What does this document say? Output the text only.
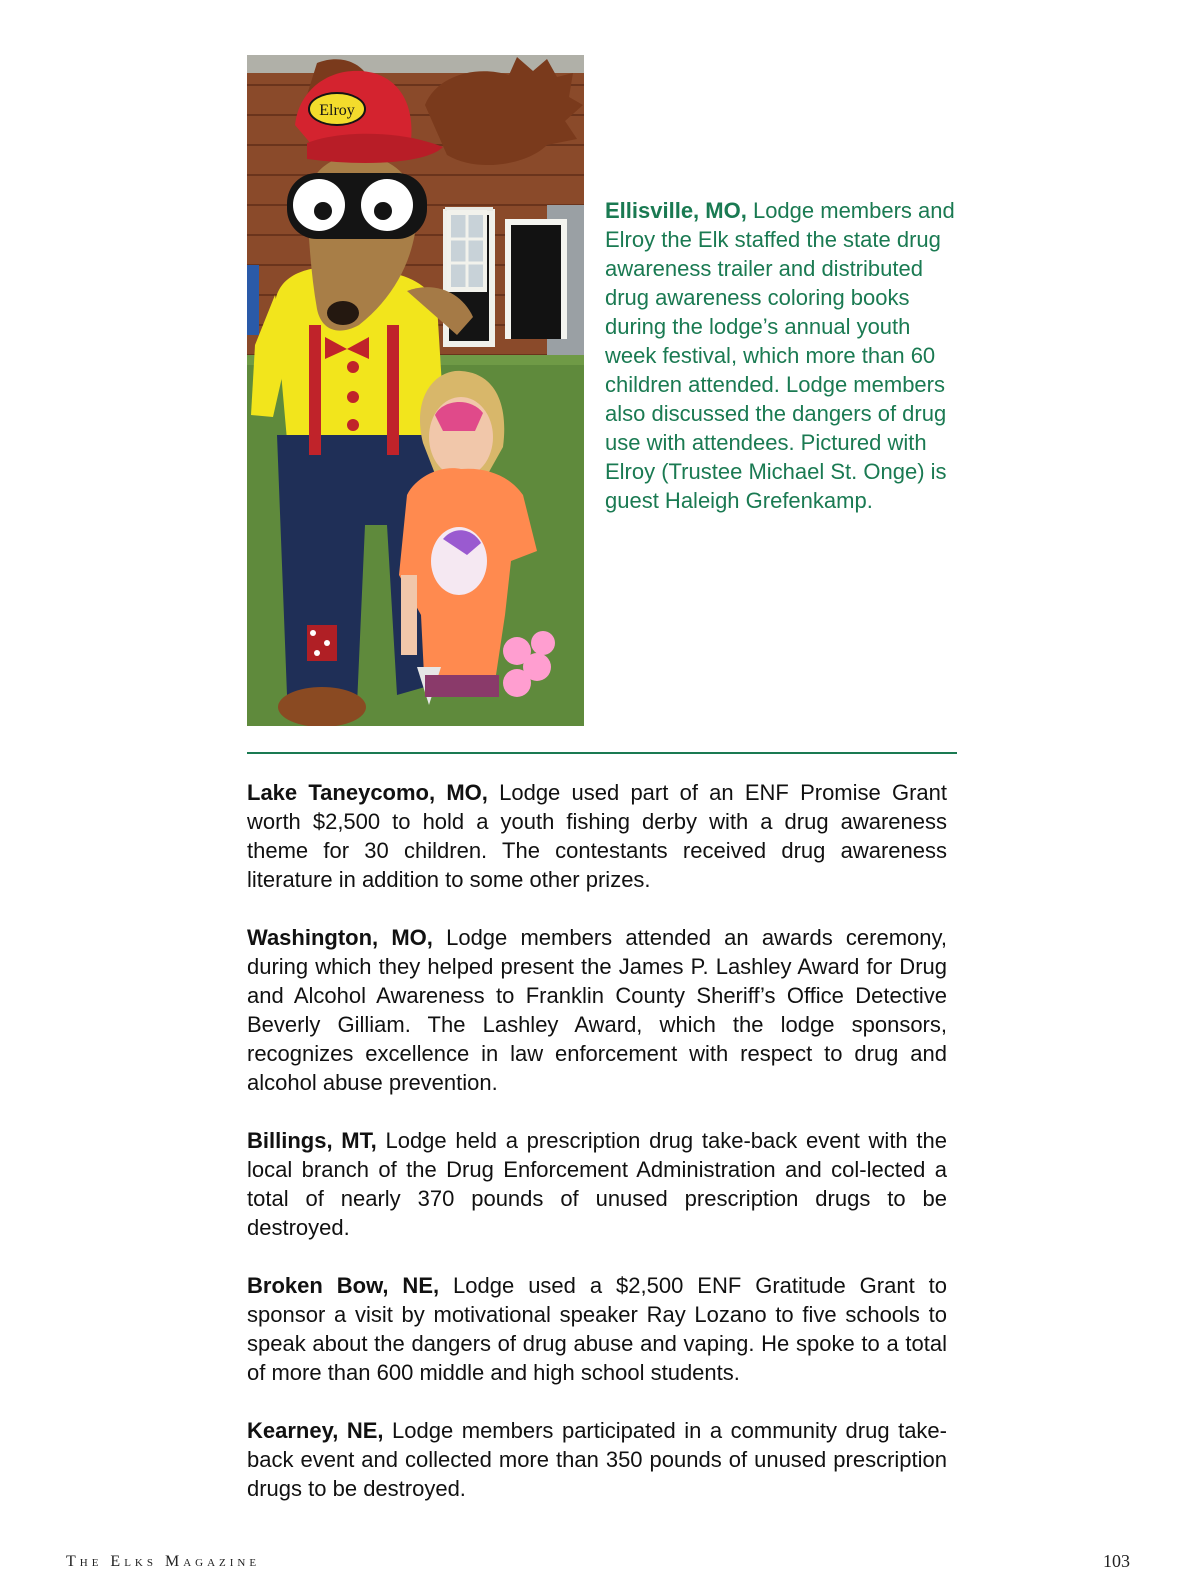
Elroy
Ellisville, MO, Lodge members and Elroy the Elk staffed the state drug awareness trailer and distributed drug awareness coloring books during the lodge’s annual youth week festival, which more than 60 children attended. Lodge members also discussed the dangers of drug use with attendees. Pictured with Elroy (Trustee Michael St. Onge) is guest Haleigh Grefenkamp.

Lake Taneycomo, MO, Lodge used part of an ENF Promise Grant worth $2,500 to hold a youth fishing derby with a drug awareness theme for 30 children. The contestants received drug awareness literature in addition to some other prizes.

Washington, MO, Lodge members attended an awards ceremony, during which they helped present the James P. Lashley Award for Drug and Alcohol Awareness to Franklin County Sheriff’s Office Detective Beverly Gilliam. The Lashley Award, which the lodge sponsors, recognizes excellence in law enforcement with respect to drug and alcohol abuse prevention.

Billings, MT, Lodge held a prescription drug take-back event with the local branch of the Drug Enforcement Administration and col-lected a total of nearly 370 pounds of unused prescription drugs to be destroyed.

Broken Bow, NE, Lodge used a $2,500 ENF Gratitude Grant to sponsor a visit by motivational speaker Ray Lozano to five schools to speak about the dangers of drug abuse and vaping. He spoke to a total of more than 600 middle and high school students.

Kearney, NE, Lodge members participated in a community drug take-back event and collected more than 350 pounds of unused prescription drugs to be destroyed.

The Elks Magazine	103
